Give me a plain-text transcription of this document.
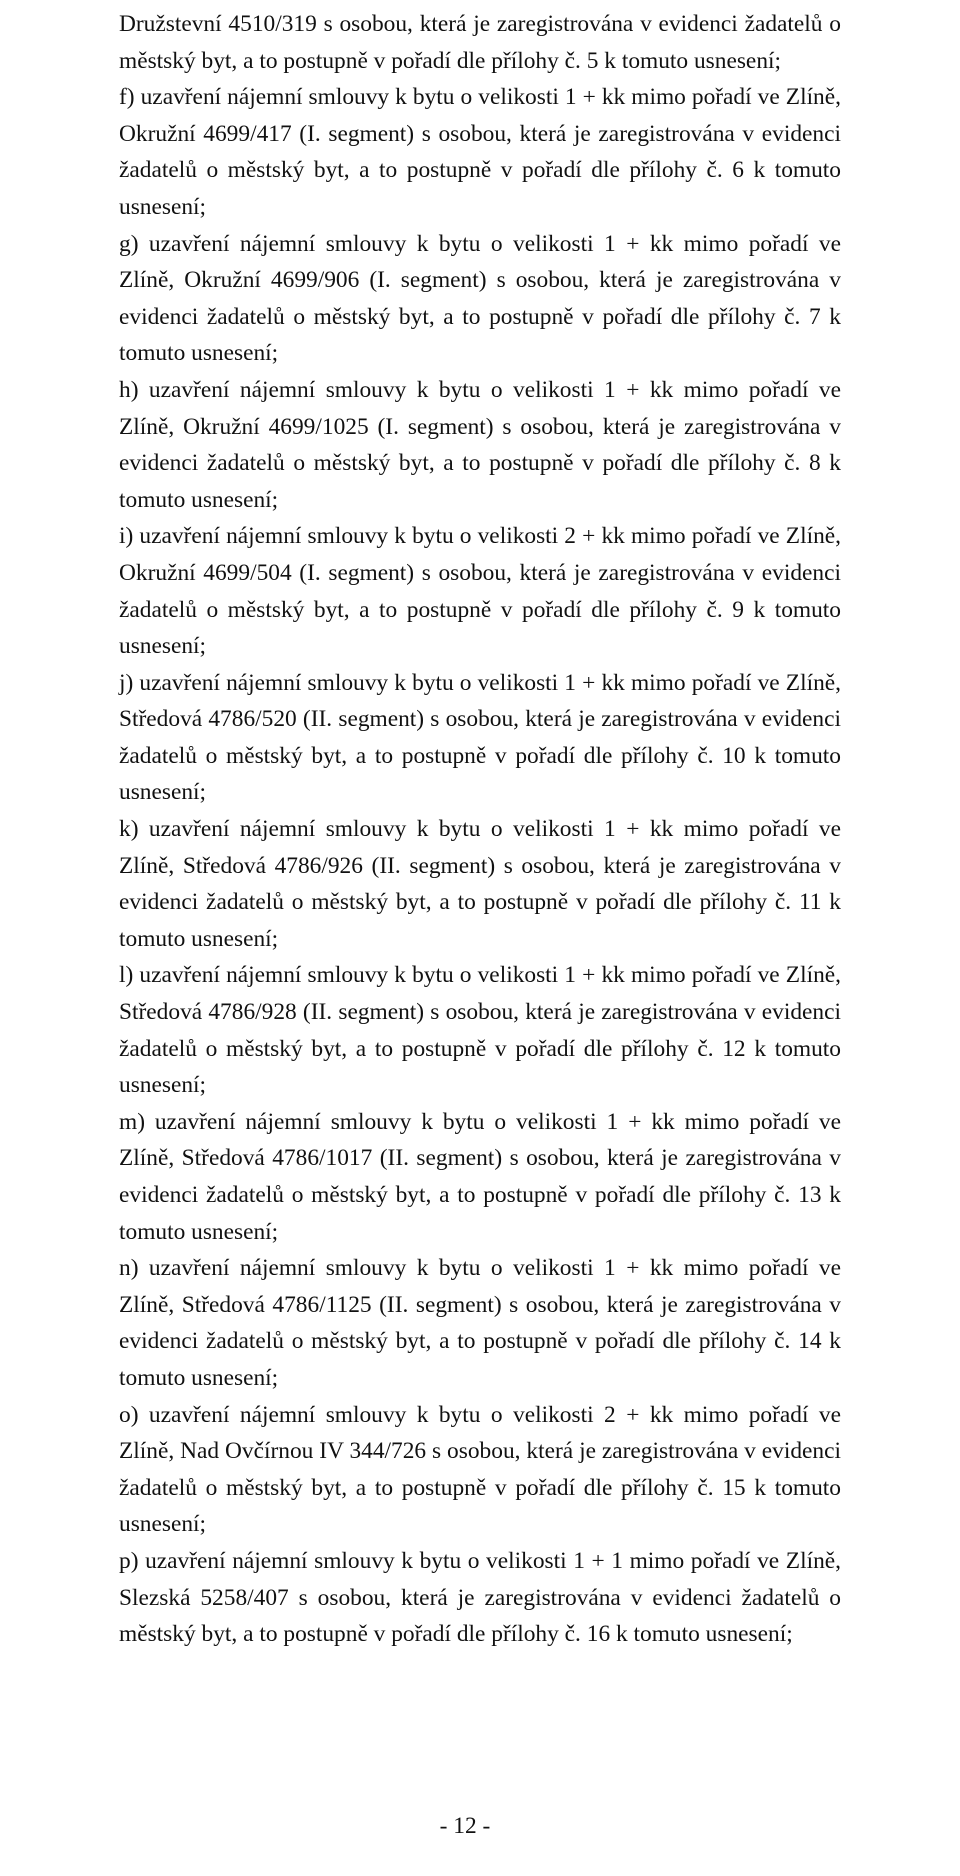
Družstevní 4510/319 s osobou, která je zaregistrována v evidenci žadatelů o městský byt, a to postupně v pořadí dle přílohy č. 5 k tomuto usnesení;

f) uzavření nájemní smlouvy k bytu o velikosti 1 + kk mimo pořadí ve Zlíně, Okružní 4699/417 (I. segment) s osobou, která je zaregistrována v evidenci žadatelů o městský byt, a to postupně v pořadí dle přílohy č. 6 k tomuto usnesení;

g) uzavření nájemní smlouvy k bytu o velikosti 1 + kk mimo pořadí ve Zlíně, Okružní 4699/906 (I. segment) s osobou, která je zaregistrována v evidenci žadatelů o městský byt, a to postupně v pořadí dle přílohy č. 7 k tomuto usnesení;

h) uzavření nájemní smlouvy k bytu o velikosti 1 + kk mimo pořadí ve Zlíně, Okružní 4699/1025 (I. segment) s osobou, která je zaregistrována v evidenci žadatelů o městský byt, a to postupně v pořadí dle přílohy č. 8 k tomuto usnesení;

i) uzavření nájemní smlouvy k bytu o velikosti 2 + kk mimo pořadí ve Zlíně, Okružní 4699/504 (I. segment) s osobou, která je zaregistrována v evidenci žadatelů o městský byt, a to postupně v pořadí dle přílohy č. 9 k tomuto usnesení;

j) uzavření nájemní smlouvy k bytu o velikosti 1 + kk mimo pořadí ve Zlíně, Středová 4786/520 (II. segment) s osobou, která je zaregistrována v evidenci žadatelů o městský byt, a to postupně v pořadí dle přílohy č. 10 k tomuto usnesení;

k) uzavření nájemní smlouvy k bytu o velikosti 1 + kk mimo pořadí ve Zlíně, Středová 4786/926 (II. segment) s osobou, která je zaregistrována v evidenci žadatelů o městský byt, a to postupně v pořadí dle přílohy č. 11 k tomuto usnesení;

l) uzavření nájemní smlouvy k bytu o velikosti 1 + kk mimo pořadí ve Zlíně, Středová 4786/928 (II. segment) s osobou, která je zaregistrována v evidenci žadatelů o městský byt, a to postupně v pořadí dle přílohy č. 12 k tomuto usnesení;

m) uzavření nájemní smlouvy k bytu o velikosti 1 + kk mimo pořadí ve Zlíně, Středová 4786/1017 (II. segment) s osobou, která je zaregistrována v evidenci žadatelů o městský byt, a to postupně v pořadí dle přílohy č. 13 k tomuto usnesení;

n) uzavření nájemní smlouvy k bytu o velikosti 1 + kk mimo pořadí ve Zlíně, Středová 4786/1125 (II. segment) s osobou, která je zaregistrována v evidenci žadatelů o městský byt, a to postupně v pořadí dle přílohy č. 14 k tomuto usnesení;

o) uzavření nájemní smlouvy k bytu o velikosti 2 + kk mimo pořadí ve Zlíně, Nad Ovčírnou IV 344/726 s osobou, která je zaregistrována v evidenci žadatelů o městský byt, a to postupně v pořadí dle přílohy č. 15 k tomuto usnesení;

p) uzavření nájemní smlouvy k bytu o velikosti 1 + 1 mimo pořadí ve Zlíně, Slezská 5258/407 s osobou, která je zaregistrována v evidenci žadatelů o městský byt, a to postupně v pořadí dle přílohy č. 16 k tomuto usnesení;

- 12 -
